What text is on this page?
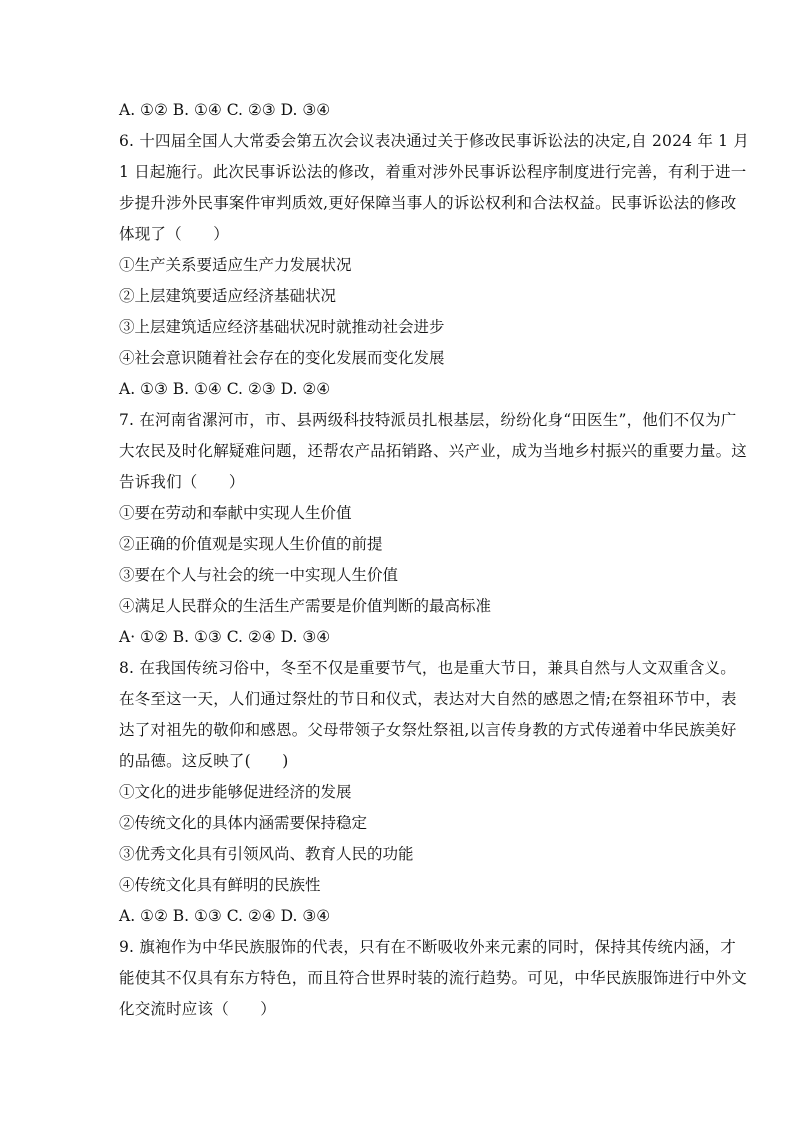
A. ①② B. ①④ C. ②③ D. ③④
6. 十四届全国人大常委会第五次会议表决通过关于修改民事诉讼法的决定,自 2024 年 1 月
1 日起施行。此次民事诉讼法的修改，着重对涉外民事诉讼程序制度进行完善，有利于进一
步提升涉外民事案件审判质效,更好保障当事人的诉讼权利和合法权益。民事诉讼法的修改
体现了（　　）
①生产关系要适应生产力发展状况
②上层建筑要适应经济基础状况
③上层建筑适应经济基础状况时就推动社会进步
④社会意识随着社会存在的变化发展而变化发展
A. ①③ B. ①④ C. ②③ D. ②④
7. 在河南省漯河市，市、县两级科技特派员扎根基层，纷纷化身“田医生”，他们不仅为广
大农民及时化解疑难问题，还帮农产品拓销路、兴产业，成为当地乡村振兴的重要力量。这
告诉我们（　　）
①要在劳动和奉献中实现人生价值
②正确的价值观是实现人生价值的前提
③要在个人与社会的统一中实现人生价值
④满足人民群众的生活生产需要是价值判断的最高标准
A· ①② B. ①③ C. ②④ D. ③④
8. 在我国传统习俗中，冬至不仅是重要节气，也是重大节日，兼具自然与人文双重含义。
在冬至这一天，人们通过祭灶的节日和仪式，表达对大自然的感恩之情;在祭祖环节中，表
达了对祖先的敬仰和感恩。父母带领子女祭灶祭祖,以言传身教的方式传递着中华民族美好
的品德。这反映了(　　)
①文化的进步能够促进经济的发展
②传统文化的具体内涵需要保持稳定
③优秀文化具有引领风尚、教育人民的功能
④传统文化具有鲜明的民族性
A. ①② B. ①③ C. ②④ D. ③④
9. 旗袍作为中华民族服饰的代表，只有在不断吸收外来元素的同时，保持其传统内涵，才
能使其不仅具有东方特色，而且符合世界时装的流行趋势。可见，中华民族服饰进行中外文
化交流时应该（　　）
